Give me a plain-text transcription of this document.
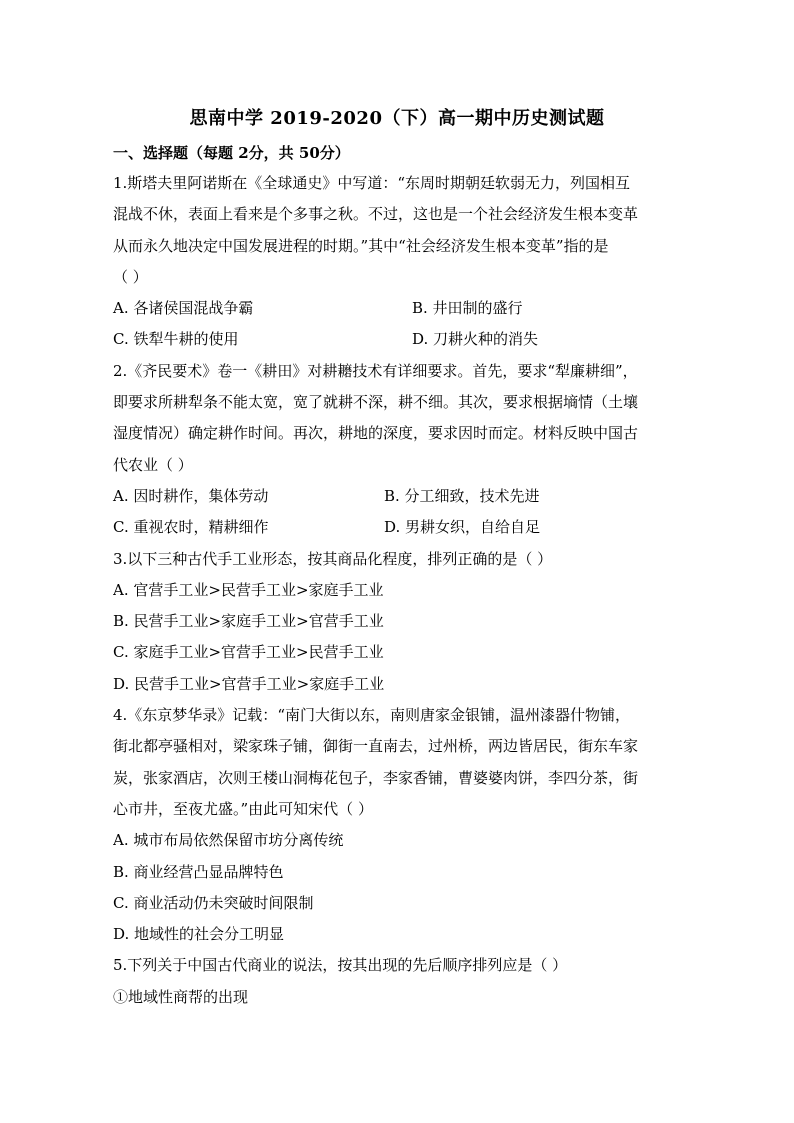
思南中学 2019-2020（下）高一期中历史测试题
一、选择题（每题 2分，共 50分）
1.斯塔夫里阿诺斯在《全球通史》中写道：“东周时期朝廷软弱无力，列国相互
混战不休，表面上看来是个多事之秋。不过，这也是一个社会经济发生根本变革
从而永久地决定中国发展进程的时期。”其中“社会经济发生根本变革”指的是
（ ）
A. 各诸侯国混战争霸	B. 井田制的盛行
C. 铁犁牛耕的使用	D. 刀耕火种的消失
2.《齐民要术》卷一《耕田》对耕耱技术有详细要求。首先，要求“犁廉耕细”，
即要求所耕犁条不能太宽，宽了就耕不深，耕不细。其次，要求根据墒情（土壤
湿度情况）确定耕作时间。再次，耕地的深度，要求因时而定。材料反映中国古
代农业（ ）
A. 因时耕作，集体劳动	B. 分工细致，技术先进
C. 重视农时，精耕细作	D. 男耕女织，自给自足
3.以下三种古代手工业形态，按其商品化程度，排列正确的是（ ）
A. 官营手工业>民营手工业>家庭手工业
B. 民营手工业>家庭手工业>官营手工业
C. 家庭手工业>官营手工业>民营手工业
D. 民营手工业>官营手工业>家庭手工业
4.《东京梦华录》记载：“南门大街以东，南则唐家金银铺，温州漆器什物铺，
街北都亭骚相对，梁家珠子铺，御街一直南去，过州桥，两边皆居民，街东车家
炭，张家酒店，次则王楼山洞梅花包子，李家香铺，曹婆婆肉饼，李四分茶，街
心市井，至夜尤盛。”由此可知宋代（ ）
A. 城市布局依然保留市坊分离传统
B. 商业经营凸显品牌特色
C. 商业活动仍未突破时间限制
D. 地域性的社会分工明显
5.下列关于中国古代商业的说法，按其出现的先后顺序排列应是（ ）
①地域性商帮的出现
